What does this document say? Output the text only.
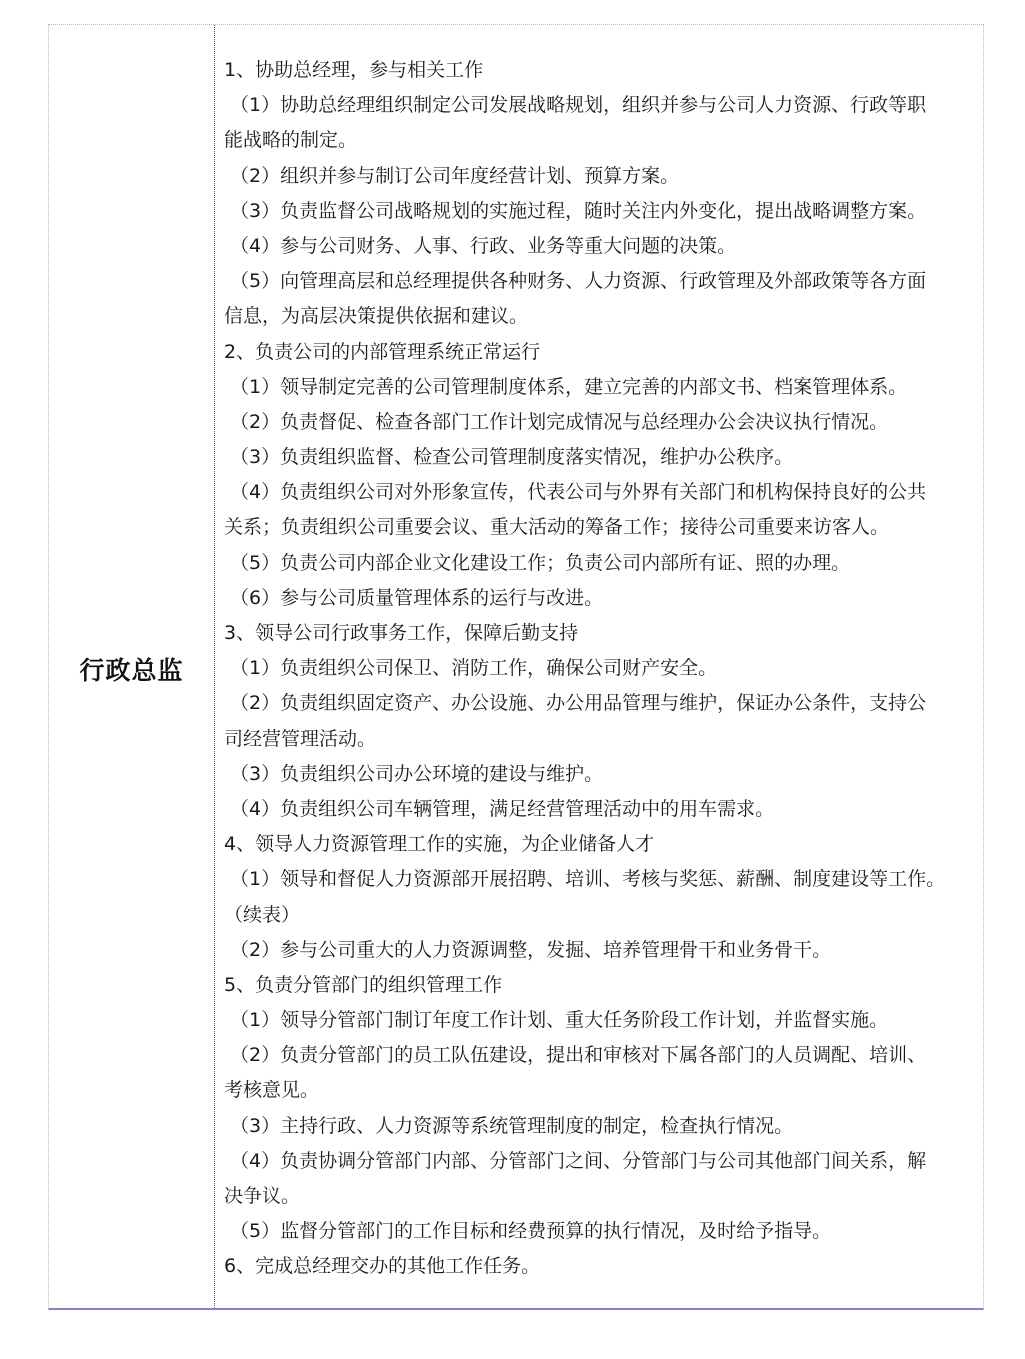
行政总监
1、协助总经理，参与相关工作
（1）协助总经理组织制定公司发展战略规划，组织并参与公司人力资源、行政等职
能战略的制定。
（2）组织并参与制订公司年度经营计划、预算方案。
（3）负责监督公司战略规划的实施过程，随时关注内外变化，提出战略调整方案。
（4）参与公司财务、人事、行政、业务等重大问题的决策。
（5）向管理高层和总经理提供各种财务、人力资源、行政管理及外部政策等各方面
信息，为高层决策提供依据和建议。
2、负责公司的内部管理系统正常运行
（1）领导制定完善的公司管理制度体系，建立完善的内部文书、档案管理体系。
（2）负责督促、检查各部门工作计划完成情况与总经理办公会决议执行情况。
（3）负责组织监督、检查公司管理制度落实情况，维护办公秩序。
（4）负责组织公司对外形象宣传，代表公司与外界有关部门和机构保持良好的公共
关系；负责组织公司重要会议、重大活动的筹备工作；接待公司重要来访客人。
（5）负责公司内部企业文化建设工作；负责公司内部所有证、照的办理。
（6）参与公司质量管理体系的运行与改进。
3、领导公司行政事务工作，保障后勤支持
（1）负责组织公司保卫、消防工作，确保公司财产安全。
（2）负责组织固定资产、办公设施、办公用品管理与维护，保证办公条件，支持公
司经营管理活动。
（3）负责组织公司办公环境的建设与维护。
（4）负责组织公司车辆管理，满足经营管理活动中的用车需求。
4、领导人力资源管理工作的实施，为企业储备人才
（1）领导和督促人力资源部开展招聘、培训、考核与奖惩、薪酬、制度建设等工作。
（续表）
（2）参与公司重大的人力资源调整，发掘、培养管理骨干和业务骨干。
5、负责分管部门的组织管理工作
（1）领导分管部门制订年度工作计划、重大任务阶段工作计划，并监督实施。
（2）负责分管部门的员工队伍建设，提出和审核对下属各部门的人员调配、培训、
考核意见。
（3）主持行政、人力资源等系统管理制度的制定，检查执行情况。
（4）负责协调分管部门内部、分管部门之间、分管部门与公司其他部门间关系，解
决争议。
（5）监督分管部门的工作目标和经费预算的执行情况，及时给予指导。
6、完成总经理交办的其他工作任务。
